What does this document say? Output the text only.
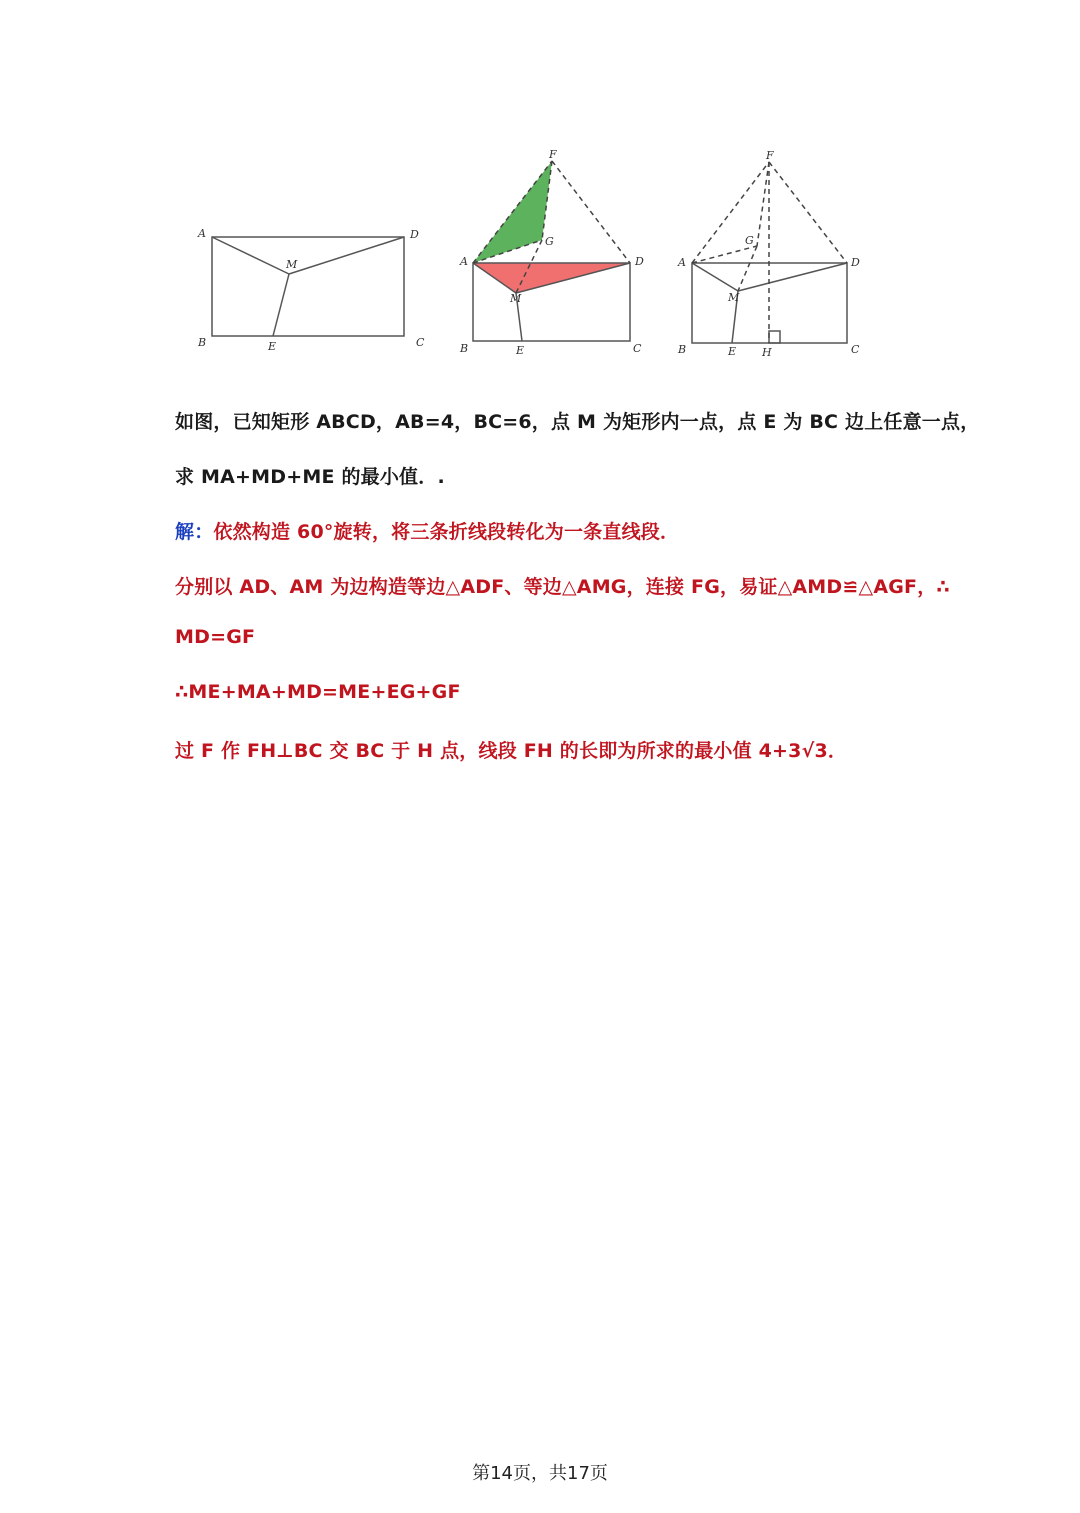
A	D
M
B	E	C
F
G
A	D
M
B	E	C
F
G
A	D
M
B	E H	C
如图，已知矩形 ABCD，AB=4，BC=6，点 M 为矩形内一点，点 E 为 BC 边上任意一点，
求 MA+MD+ME 的最小值．.
解：依然构造 60°旋转，将三条折线段转化为一条直线段．
分别以 AD、AM 为边构造等边△ADF、等边△AMG，连接 FG，易证△AMD≌△AGF，∴
MD=GF
∴ME+MA+MD=ME+EG+GF
过 F 作 FH⊥BC 交 BC 于 H 点，线段 FH 的长即为所求的最小值 4+3√3．
第14页，共17页
